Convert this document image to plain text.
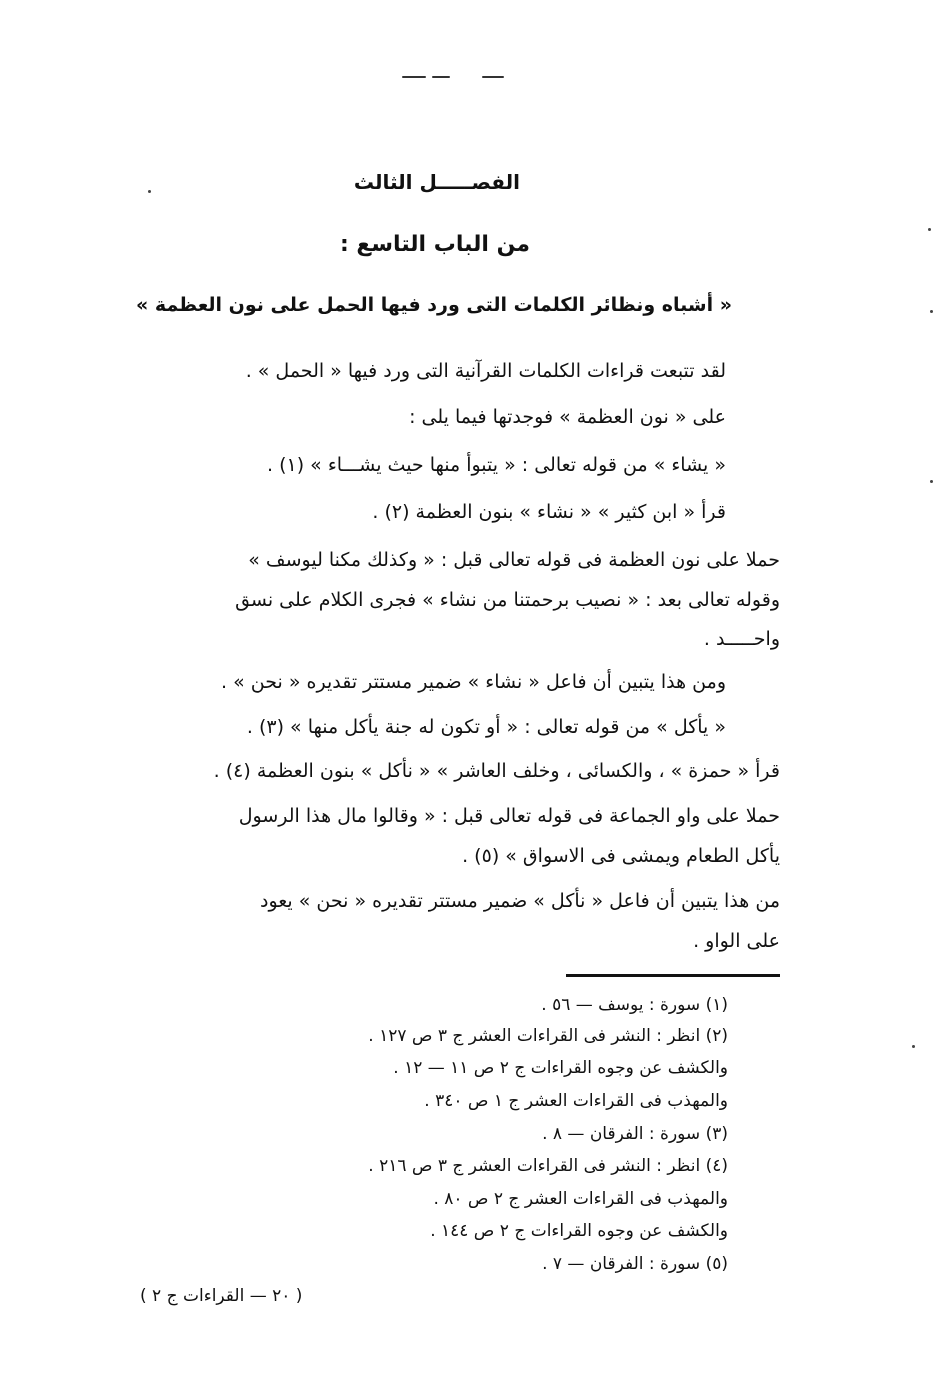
الفصـــــل الثالث
من الباب التاسع :
« أشباه ونظائر الكلمات التى ورد فيها الحمل على نون العظمة »
لقد تتبعت قراءات الكلمات القرآنية التى ورد فيها « الحمل » .
على « نون العظمة » فوجدتها فيما يلى :
« يشاء » من قوله تعالى : « يتبوأ منها حيث يشـــاء » (١) .
قرأ « ابن كثير » « نشاء » بنون العظمة (٢) .
حملا على نون العظمة فى قوله تعالى قبل : « وكذلك مكنا ليوسف »
وقوله تعالى بعد : « نصيب برحمتنا من نشاء » فجرى الكلام على نسق
واحـــــد .
ومن هذا يتبين أن فاعل « نشاء » ضمير مستتر تقديره « نحن » .
« يأكل » من قوله تعالى : « أو تكون له جنة يأكل منها » (٣) .
قرأ « حمزة » ، والكسائى ، وخلف العاشر » « نأكل » بنون العظمة (٤) .
حملا على واو الجماعة فى قوله تعالى قبل : « وقالوا مال هذا الرسول
يأكل الطعام ويمشى فى الاسواق » (٥) .
من هذا يتبين أن فاعل « نأكل » ضمير مستتر تقديره « نحن » يعود
على الواو .
(١) سورة : يوسف — ٥٦ .
(٢) انظر : النشر فى القراءات العشر ج ٣ ص ١٢٧ .
والكشف عن وجوه القراءات ج ٢ ص ١١ — ١٢ .
والمهذب فى القراءات العشر ج ١ ص ٣٤٠ .
(٣) سورة : الفرقان — ٨ .
(٤) انظر : النشر فى القراءات العشر ج ٣ ص ٢١٦ .
والمهذب فى القراءات العشر ج ٢ ص ٨٠ .
والكشف عن وجوه القراءات ج ٢ ص ١٤٤ .
(٥) سورة : الفرقان — ٧ .
( ٢٠ — القراءات ج ٢ )
